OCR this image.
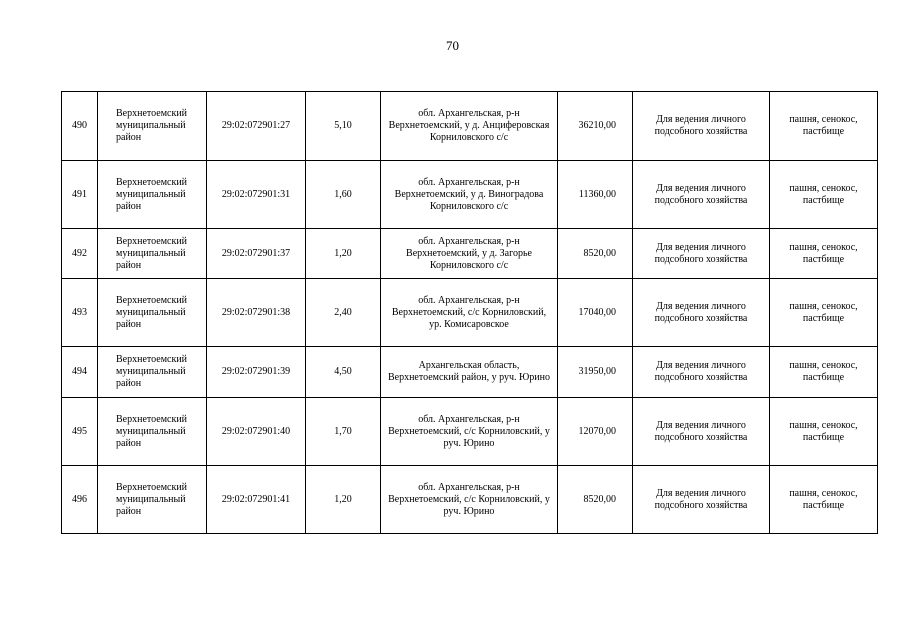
70
490	Верхнетоемский муниципальный район	29:02:072901:27	5,10	обл. Архангельская, р-н Верхнетоемский, у д. Анциферовская Корниловского с/с	36210,00	Для ведения личного подсобного хозяйства	пашня, сенокос, пастбище
491	Верхнетоемский муниципальный район	29:02:072901:31	1,60	обл. Архангельская, р-н Верхнетоемский, у д. Виноградова Корниловского с/с	11360,00	Для ведения личного подсобного хозяйства	пашня, сенокос, пастбище
492	Верхнетоемский муниципальный район	29:02:072901:37	1,20	обл. Архангельская, р-н Верхнетоемский, у д. Загорье Корниловского с/с	8520,00	Для ведения личного подсобного хозяйства	пашня, сенокос, пастбище
493	Верхнетоемский муниципальный район	29:02:072901:38	2,40	обл. Архангельская, р-н Верхнетоемский, с/с Корниловский, ур. Комисаровское	17040,00	Для ведения личного подсобного хозяйства	пашня, сенокос, пастбище
494	Верхнетоемский муниципальный район	29:02:072901:39	4,50	Архангельская область, Верхнетоемский район, у руч. Юрино	31950,00	Для ведения личного подсобного хозяйства	пашня, сенокос, пастбище
495	Верхнетоемский муниципальный район	29:02:072901:40	1,70	обл. Архангельская, р-н Верхнетоемский, с/с Корниловский, у руч. Юрино	12070,00	Для ведения личного подсобного хозяйства	пашня, сенокос, пастбище
496	Верхнетоемский муниципальный район	29:02:072901:41	1,20	обл. Архангельская, р-н Верхнетоемский, с/с Корниловский, у руч. Юрино	8520,00	Для ведения личного подсобного хозяйства	пашня, сенокос, пастбище
